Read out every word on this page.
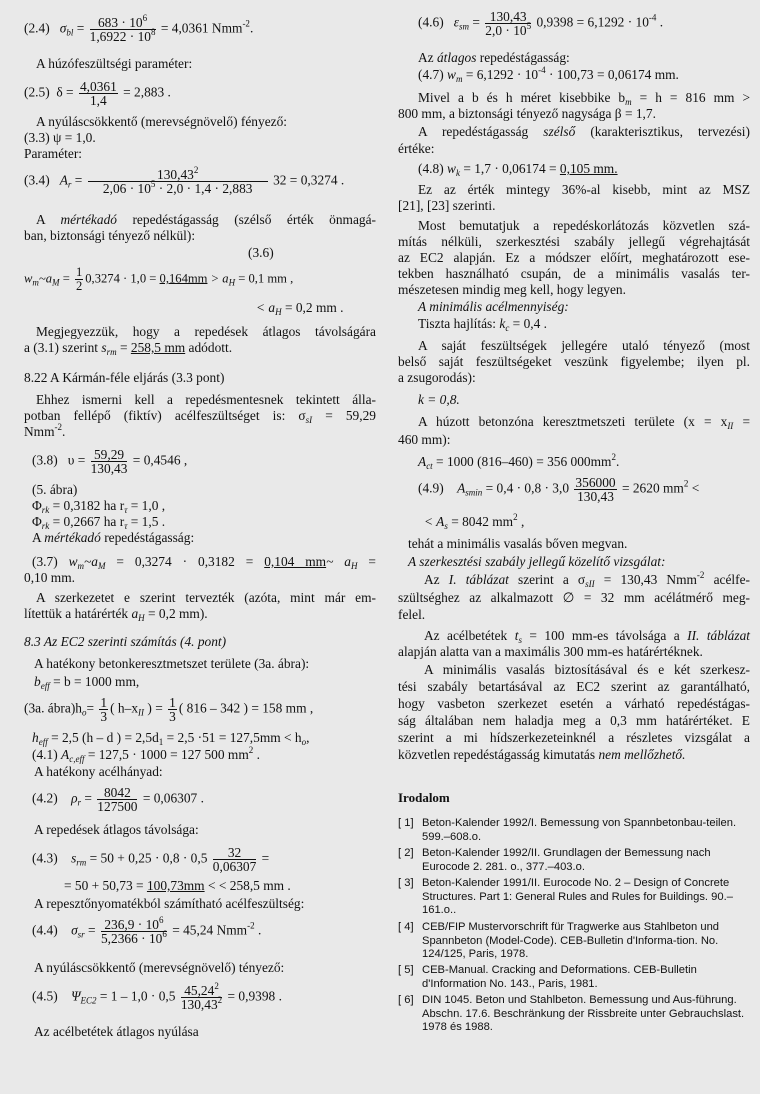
(2.4) $\sigma_{bl} = \frac{683 \cdot 10^6}{1,6922 \cdot 10^8} = 4,0361$ Nmm$^{-2}$.
A húzófeszültségi paraméter:
(2.5) $\delta = \frac{4,0361}{1,4} = 2,883$ .
A nyúláscsökkentő (merevségnövelő) fényező:
(3.3) ψ = 1,0.
Paraméter:
(3.4) $A_r = \frac{130,43^2}{2,06 \cdot 10^5 \cdot 2,0 \cdot 1,4 \cdot 2,883} 32 = 0,3274$ .
A mértékadó repedéstágasság (szélső érték önmagá-
ban, biztonsági tényező nélkül):
(3.6)
$w_m\sim a_M = \frac{1}{2} 0,3274 \cdot 1,0 = 0,164mm > a_H = 0,1$ mm ,
< $a_H = 0,2$ mm .
Megjegyezzük, hogy a repedések átlagos távolságára
a (3.1) szerint $s_{rm} = 258,5$ mm adódott.
8.22 A Kármán-féle eljárás (3.3 pont)
Ehhez ismerni kell a repedésmentesnek tekintett álla-
potban fellépő (fiktív) acélfeszültséget is: $\sigma_{sI} = 59,29$
Nmm$^{-2}$.
(3.8) $\upsilon = \frac{59,29}{130,43} = 0,4546$ ,
(5. ábra)
$\Phi_{rk} = 0,3182$ ha $r_\tau = 1,0$ ,
$\Phi_{rk} = 0,2667$ ha $r_\tau = 1,5$ .
A mértékadó repedéstágasság:
(3.7) $w_m\sim a_M = 0,3274 \cdot 0,3182 = 0,104$ mm~ $a_H$ =
0,10 mm.
A szerkezetet e szerint tervezték (azóta, mint már em-
lítettük a határérték $a_H = 0,2$ mm).
8.3 Az EC2 szerinti számítás (4. pont)
A hatékony betonkeresztmetszet területe (3a. ábra):
$b_{eff} = b = 1000$ mm,
(3a. $ábra)h_o= \frac{1}{3}$ ( $h-x_{II}$ ) = $\frac{1}{3}$ ( 816 – 342 ) = 158 mm ,
$h_{eff} = 2,5$ (h – d ) = $2,5d_1 = 2,5 \cdot 51 = 127,5mm < h_o$,
(4.1) $A_{c,eff} = 127,5 \cdot 1000 = 127$ 500 $mm^2$ .
A hatékony acélhányad:
(4.2) $\rho_r = \frac{8042}{127500} = 0,06307$ .
A repedések átlagos távolsága:
(4.3) $s_{rm} = 50 + 0,25 \cdot 0,8 \cdot 0,5 \frac{32}{0,06307}$ =
= 50 + 50,73 = 100,73mm < < 258,5 mm .
A repesztőnyomatékból számítható acélfeszültség:
(4.4) $\sigma_{sr} = \frac{236,9 \cdot 10^6}{5,2366 \cdot 10^6} = 45,24$ Nmm$^{-2}$ .
A nyúláscsökkentő (merevségnövelő) tényező:
(4.5) $\Psi_{EC2} = 1 - 1,0 \cdot 0,5 \frac{45,24^2}{130,43^2} = 0,9398$ .
Az acélbetétek átlagos nyúlása
(4.6) $\varepsilon_{sm} = \frac{130,43}{2,0 \cdot 10^5} 0,9398 = 6,1292 \cdot 10^{-4}$ .
Az átlagos repedéstágasság:
(4.7) $w_m = 6,1292 \cdot 10^{-4} \cdot 100,73 = 0,06174$ mm.
Mivel a b és h méret kisebbike $b_m = h = 816$ mm >
800 mm, a biztonsági tényező nagysága β = 1,7.
A repedéstágasság szélső (karakterisztikus, tervezési)
értéke:
(4.8) $w_k = 1,7 \cdot 0,06174 = 0,105$ mm.
Ez az érték mintegy 36%-al kisebb, mint az MSZ
[21], [23] szerinti.
Most bemutatjuk a repedéskorlátozás közvetlen szá-
mítás nélküli, szerkesztési szabály jellegű végrehajtását
az EC2 alapján. Ez a módszer előírt, meghatározott ese-
tekben használható csupán, de a minimális vasalás ter-
mészetesen mindig meg kell, hogy legyen.
A minimális acélmennyiség:
Tiszta hajlítás: $k_c = 0,4$ .
A saját feszültségek jellegére utaló tényező (most
belső saját feszültségeket veszünk figyelembe; ilyen pl.
a zsugorodás):
k = 0,8.
A húzott betonzóna keresztmetszeti területe ($x = x_{II}$ =
460 mm):
$A_{ct} = 1000$ (816–460) = 356 $000mm^2$.
(4.9) $A_{smin} = 0,4 \cdot 0,8 \cdot 3,0 \frac{356000}{130,43} = 2620$ $mm^2$ <
< $A_s = 8042$ $mm^2$ ,
tehát a minimális vasalás bőven megvan.
A szerkesztési szabály jellegű közelítő vizsgálat:
Az I. táblázat szerint a $\sigma_{sII} = 130,43$ Nmm$^{-2}$ acélfe-
szültséghez az alkalmazott ∅ = 32 mm acélátmérő meg-
felel.
Az acélbetétek $t_s = 100$ mm-es távolsága a II. táblázat
alapján alatta van a maximális 300 mm-es határértéknek.
A minimális vasalás biztosításával és e két szerkesz-
tési szabály betartásával az EC2 szerint az garantálható,
hogy vasbeton szerkezet esetén a várható repedéstágas-
ság általában nem haladja meg a 0,3 mm határértéket. E
szerint a mi hídszerkezeteinknél a részletes vizsgálat a
közvetlen repedéstágasság kimutatás nem mellőzhető.
Irodalom
[ 1] Beton-Kalender 1992/I. Bemessung von Spannbetonbau-teilen. 599.–608.o.
[ 2] Beton-Kalender 1992/II. Grundlagen der Bemessung nach Eurocode 2. 281. o., 377.–403.o.
[ 3] Beton-Kalender 1991/II. Eurocode No. 2 – Design of Concrete Structures. Part 1: General Rules and Rules for Buildings. 90.–161.o..
[ 4] CEB/FIP Mustervorschrift für Tragwerke aus Stahlbeton und Spannbeton (Model-Code). CEB-Bulletin d'Informa-tion. No. 124/125, Paris, 1978.
[ 5] CEB-Manual. Cracking and Deformations. CEB-Bulletin d'Information No. 143., Paris, 1981.
[ 6] DIN 1045. Beton und Stahlbeton. Bemessung und Aus-führung. Abschn. 17.6. Beschränkung der Rissbreite unter Gebrauchslast. 1978 és 1988.
